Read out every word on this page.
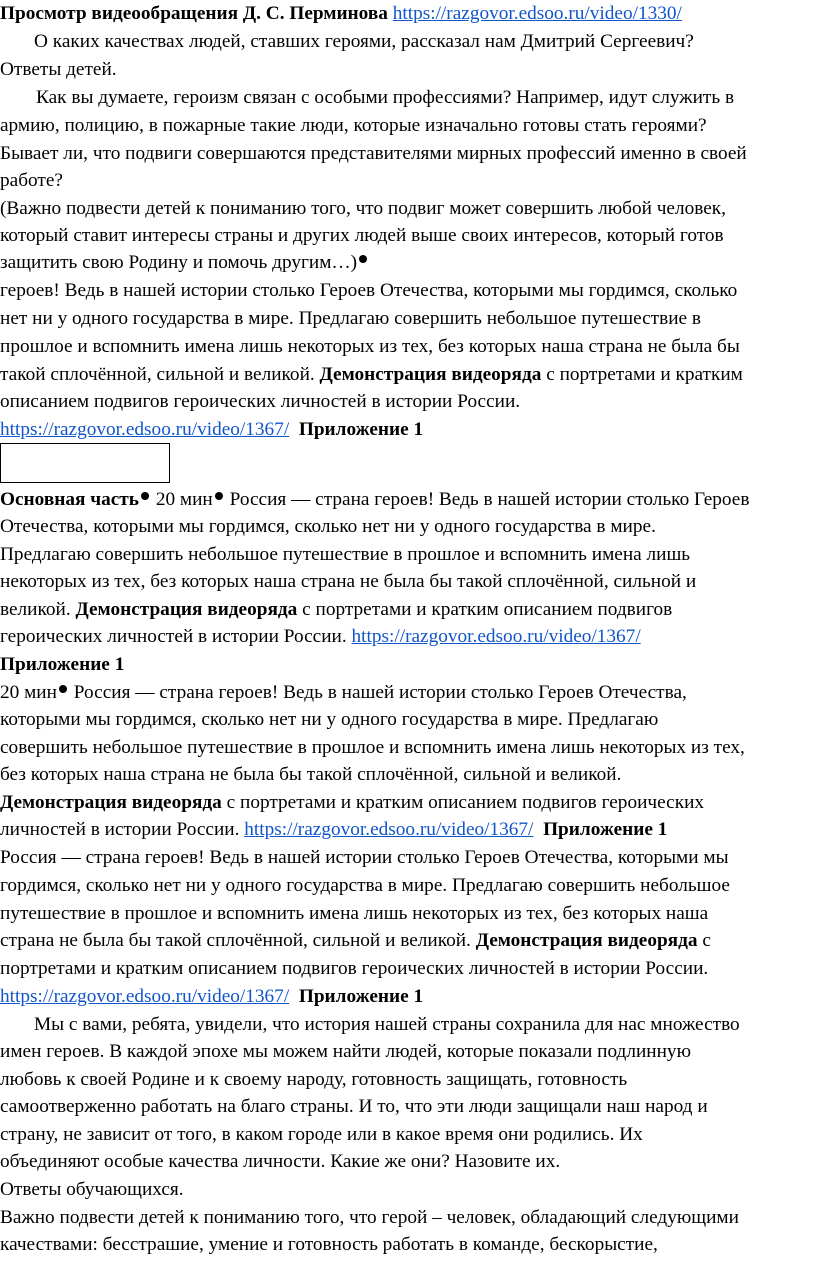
Просмотр видеообращения Д. С. Перминова https://razgovor.edsoo.ru/video/1330/
О каких качествах людей, ставших героями, рассказал нам Дмитрий Сергеевич?
Ответы детей.
Как вы думаете, героизм связан с особыми профессиями? Например, идут служить в
армию, полицию, в пожарные такие люди, которые изначально готовы стать героями?
Бывает ли, что подвиги совершаются представителями мирных профессий именно в своей
работе?
(Важно подвести детей к пониманию того, что подвиг может совершить любой человек,
который ставит интересы страны и других людей выше своих интересов, который готов
защитить свою Родину и помочь другим…)
героев! Ведь в нашей истории столько Героев Отечества, которыми мы гордимся, сколько
нет ни у одного государства в мире. Предлагаю совершить небольшое путешествие в
прошлое и вспомнить имена лишь некоторых из тех, без которых наша страна не была бы
такой сплочённой, сильной и великой. Демонстрация видеоряда с портретами и кратким
описанием подвигов героических личностей в истории России.
https://razgovor.edsoo.ru/video/1367/ Приложение 1
Основная часть 20 мин Россия — страна героев! Ведь в нашей истории столько Героев
Отечества, которыми мы гордимся, сколько нет ни у одного государства в мире.
Предлагаю совершить небольшое путешествие в прошлое и вспомнить имена лишь
некоторых из тех, без которых наша страна не была бы такой сплочённой, сильной и
великой. Демонстрация видеоряда с портретами и кратким описанием подвигов
героических личностей в истории России. https://razgovor.edsoo.ru/video/1367/
Приложение 1
20 мин Россия — страна героев! Ведь в нашей истории столько Героев Отечества,
которыми мы гордимся, сколько нет ни у одного государства в мире. Предлагаю
совершить небольшое путешествие в прошлое и вспомнить имена лишь некоторых из тех,
без которых наша страна не была бы такой сплочённой, сильной и великой.
Демонстрация видеоряда с портретами и кратким описанием подвигов героических
личностей в истории России. https://razgovor.edsoo.ru/video/1367/ Приложение 1
Россия — страна героев! Ведь в нашей истории столько Героев Отечества, которыми мы
гордимся, сколько нет ни у одного государства в мире. Предлагаю совершить небольшое
путешествие в прошлое и вспомнить имена лишь некоторых из тех, без которых наша
страна не была бы такой сплочённой, сильной и великой. Демонстрация видеоряда с
портретами и кратким описанием подвигов героических личностей в истории России.
https://razgovor.edsoo.ru/video/1367/ Приложение 1
Мы с вами, ребята, увидели, что история нашей страны сохранила для нас множество
имен героев. В каждой эпохе мы можем найти людей, которые показали подлинную
любовь к своей Родине и к своему народу, готовность защищать, готовность
самоотверженно работать на благо страны. И то, что эти люди защищали наш народ и
страну, не зависит от того, в каком городе или в какое время они родились. Их
объединяют особые качества личности. Какие же они? Назовите их.
Ответы обучающихся.
Важно подвести детей к пониманию того, что герой – человек, обладающий следующими
качествами: бесстрашие, умение и готовность работать в команде, бескорыстие,
